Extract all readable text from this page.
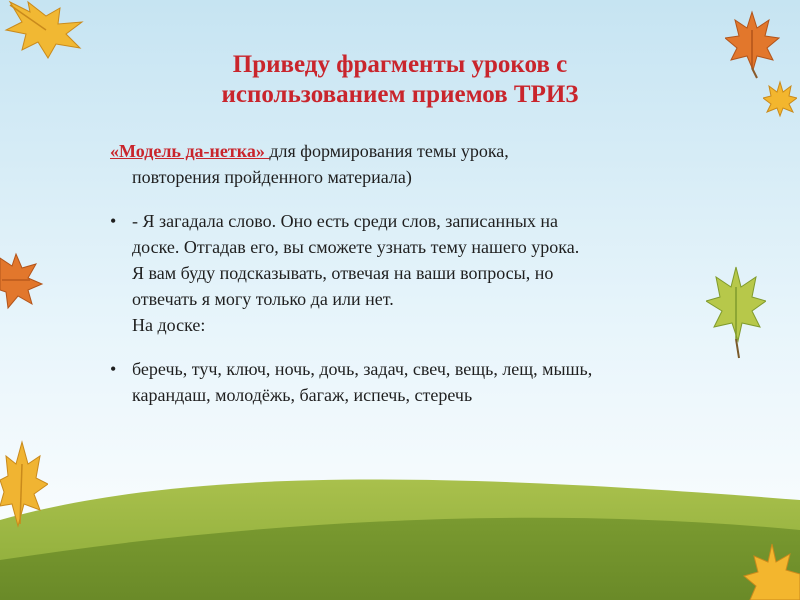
Приведу фрагменты уроков с
использованием приемов ТРИЗ
«Модель да-нетка» для формирования темы урока,
повторения пройденного материала)
• - Я загадала слово. Оно есть среди слов, записанных на
доске. Отгадав его, вы сможете узнать тему нашего урока.
Я вам буду подсказывать, отвечая на ваши вопросы, но
отвечать я могу только да или нет.
На доске:
• беречь, туч, ключ, ночь, дочь, задач, свеч, вещь, лещ, мышь,
карандаш, молодёжь, багаж, испечь, стеречь
